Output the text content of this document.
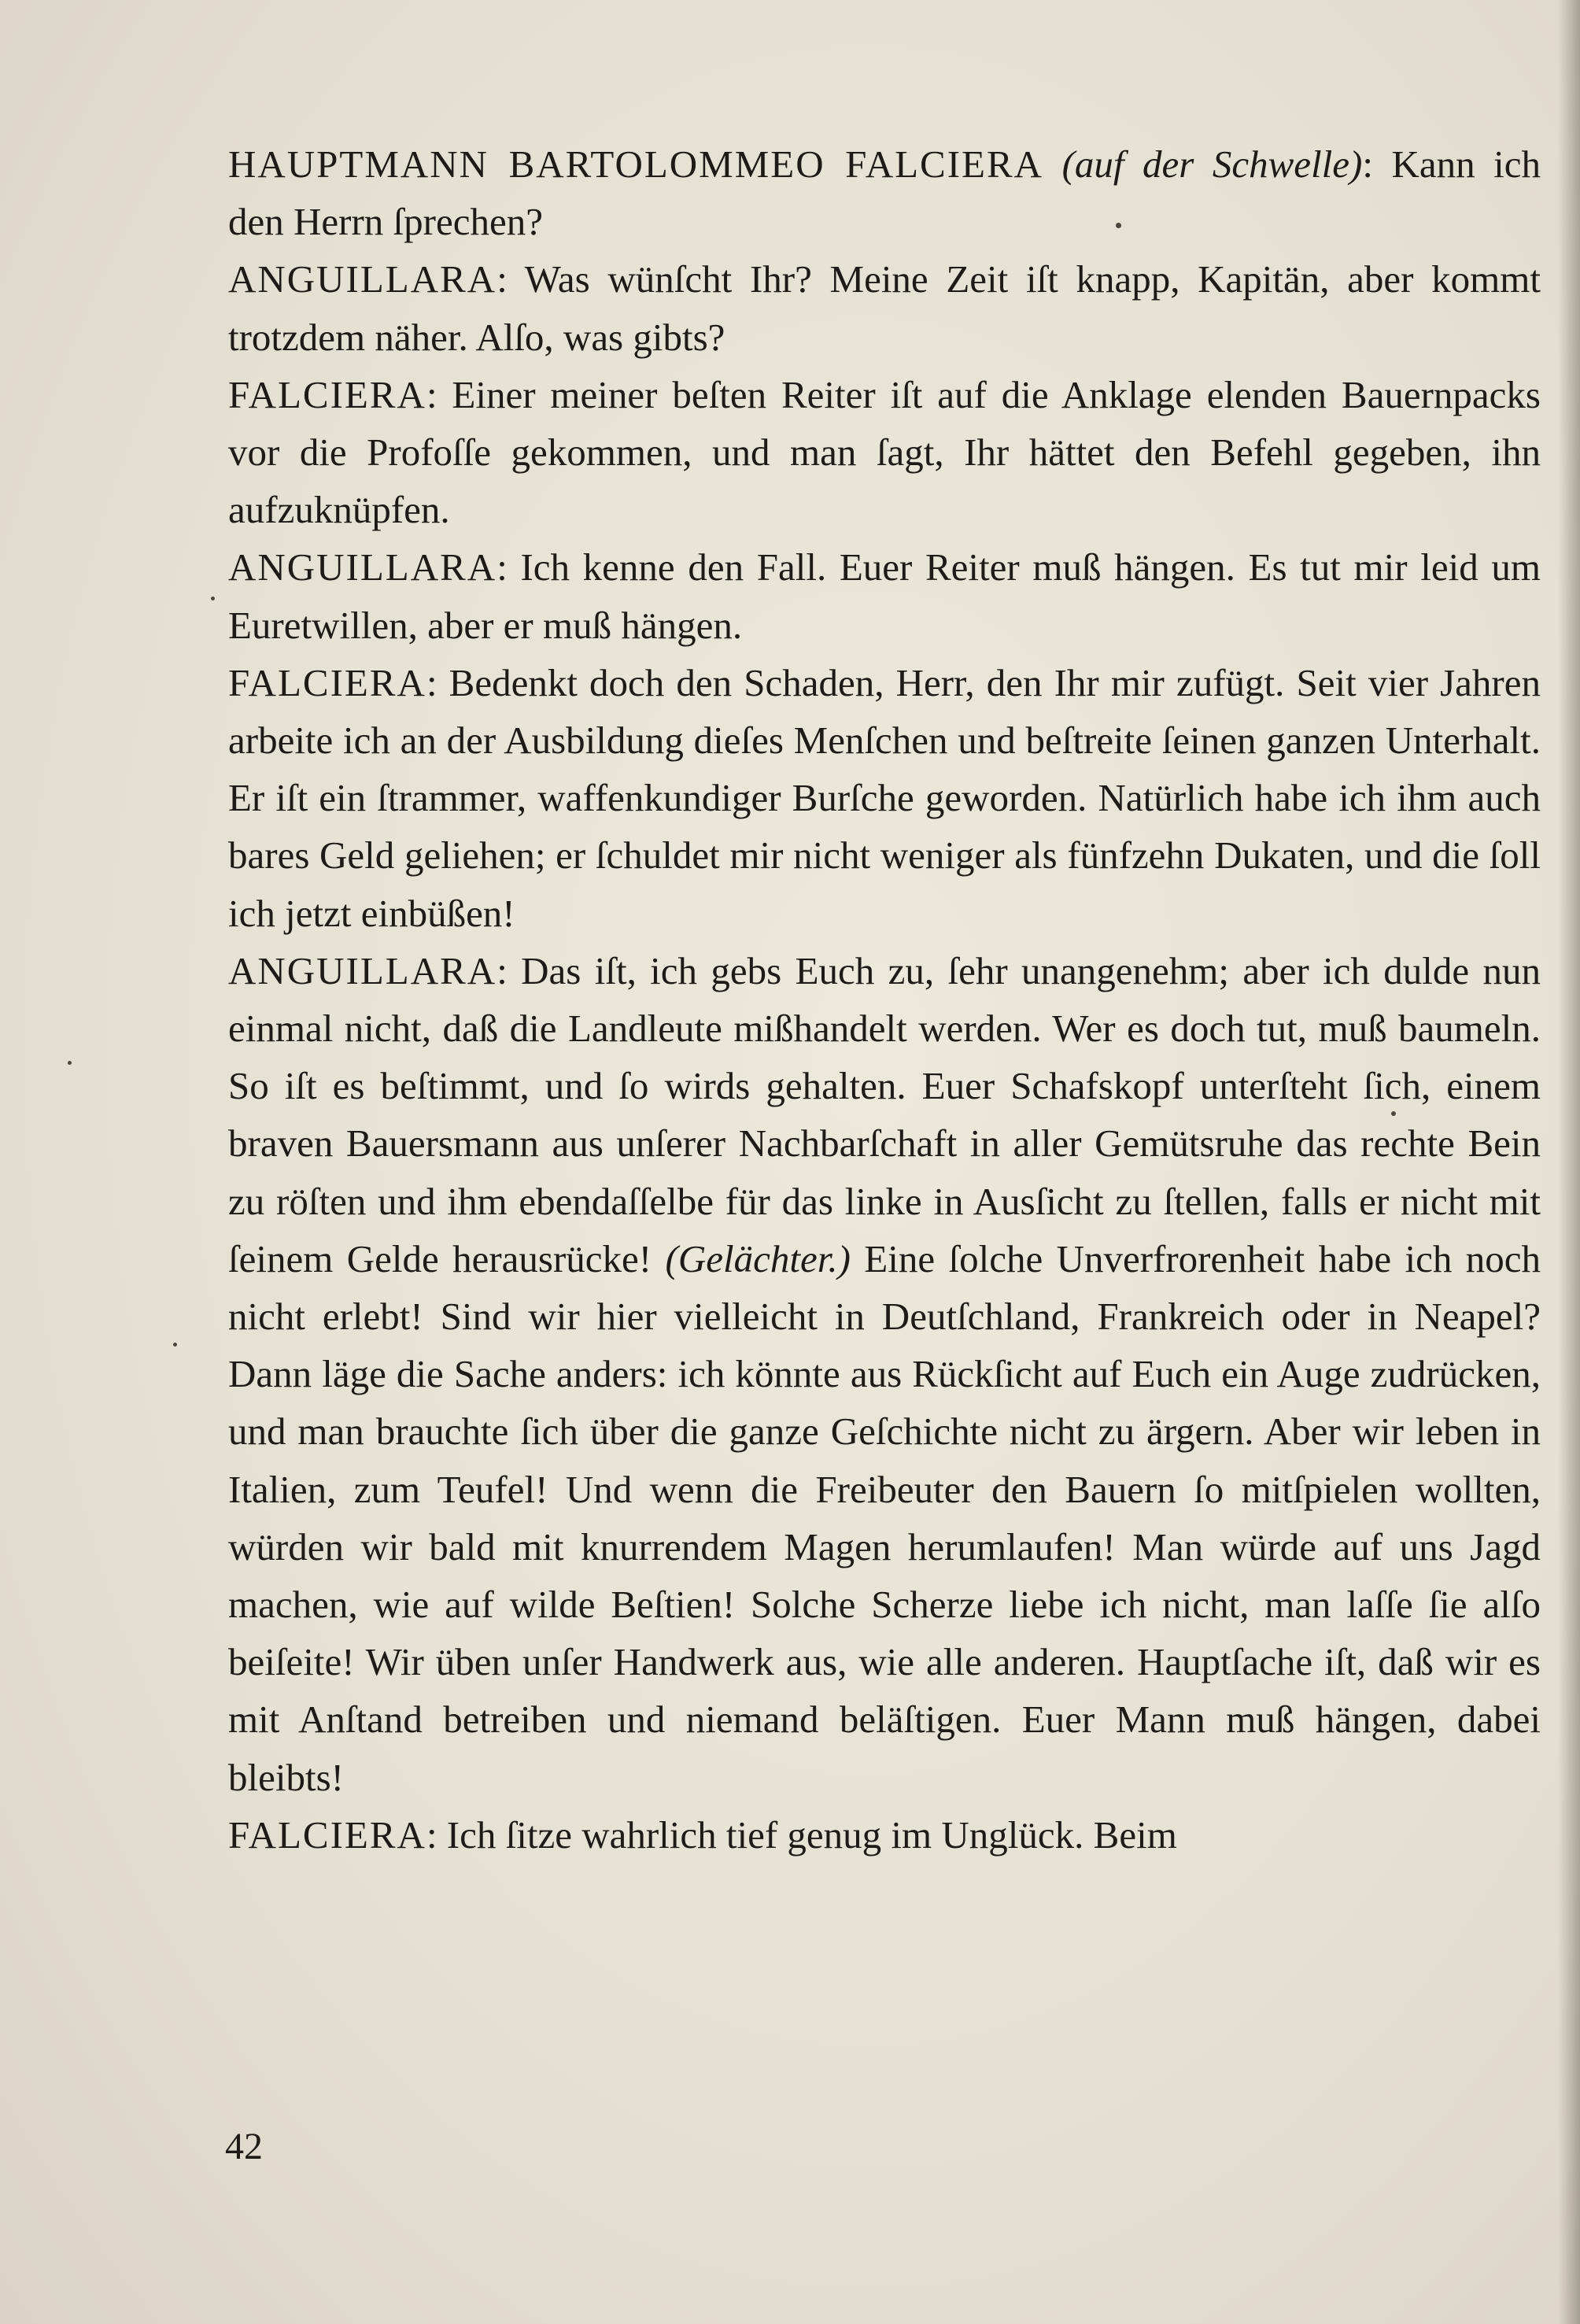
HAUPTMANN BARTOLOMMEO FALCIERA (auf der Schwelle): Kann ich den Herrn ſprechen?

ANGUILLARA: Was wünſcht Ihr? Meine Zeit iſt knapp, Kapitän, aber kommt trotzdem näher. Alſo, was gibts?

FALCIERA: Einer meiner beſten Reiter iſt auf die Anklage elenden Bauernpacks vor die Profoſſe gekommen, und man ſagt, Ihr hättet den Befehl gegeben, ihn aufzuknüpfen.

ANGUILLARA: Ich kenne den Fall. Euer Reiter muß hängen. Es tut mir leid um Euretwillen, aber er muß hängen.

FALCIERA: Bedenkt doch den Schaden, Herr, den Ihr mir zufügt. Seit vier Jahren arbeite ich an der Ausbildung dieſes Menſchen und beſtreite ſeinen ganzen Unterhalt. Er iſt ein ſtrammer, waffenkundiger Burſche geworden. Natürlich habe ich ihm auch bares Geld geliehen; er ſchuldet mir nicht weniger als fünfzehn Dukaten, und die ſoll ich jetzt einbüßen!

ANGUILLARA: Das iſt, ich gebs Euch zu, ſehr unangenehm; aber ich dulde nun einmal nicht, daß die Landleute mißhandelt werden. Wer es doch tut, muß baumeln. So iſt es beſtimmt, und ſo wirds gehalten. Euer Schafskopf unterſteht ſich, einem braven Bauersmann aus unſerer Nachbarſchaft in aller Gemütsruhe das rechte Bein zu röſten und ihm ebendaſſelbe für das linke in Ausſicht zu ſtellen, falls er nicht mit ſeinem Gelde herausrücke! (Gelächter.) Eine ſolche Unverfrorenheit habe ich noch nicht erlebt! Sind wir hier vielleicht in Deutſchland, Frankreich oder in Neapel? Dann läge die Sache anders: ich könnte aus Rückſicht auf Euch ein Auge zudrücken, und man brauchte ſich über die ganze Geſchichte nicht zu ärgern. Aber wir leben in Italien, zum Teufel! Und wenn die Freibeuter den Bauern ſo mitſpielen wollten, würden wir bald mit knurrendem Magen herumlaufen! Man würde auf uns Jagd machen, wie auf wilde Beſtien! Solche Scherze liebe ich nicht, man laſſe ſie alſo beiſeite! Wir üben unſer Handwerk aus, wie alle anderen. Hauptſache iſt, daß wir es mit Anſtand betreiben und niemand beläſtigen. Euer Mann muß hängen, dabei bleibts!

FALCIERA: Ich ſitze wahrlich tief genug im Unglück. Beim

42
